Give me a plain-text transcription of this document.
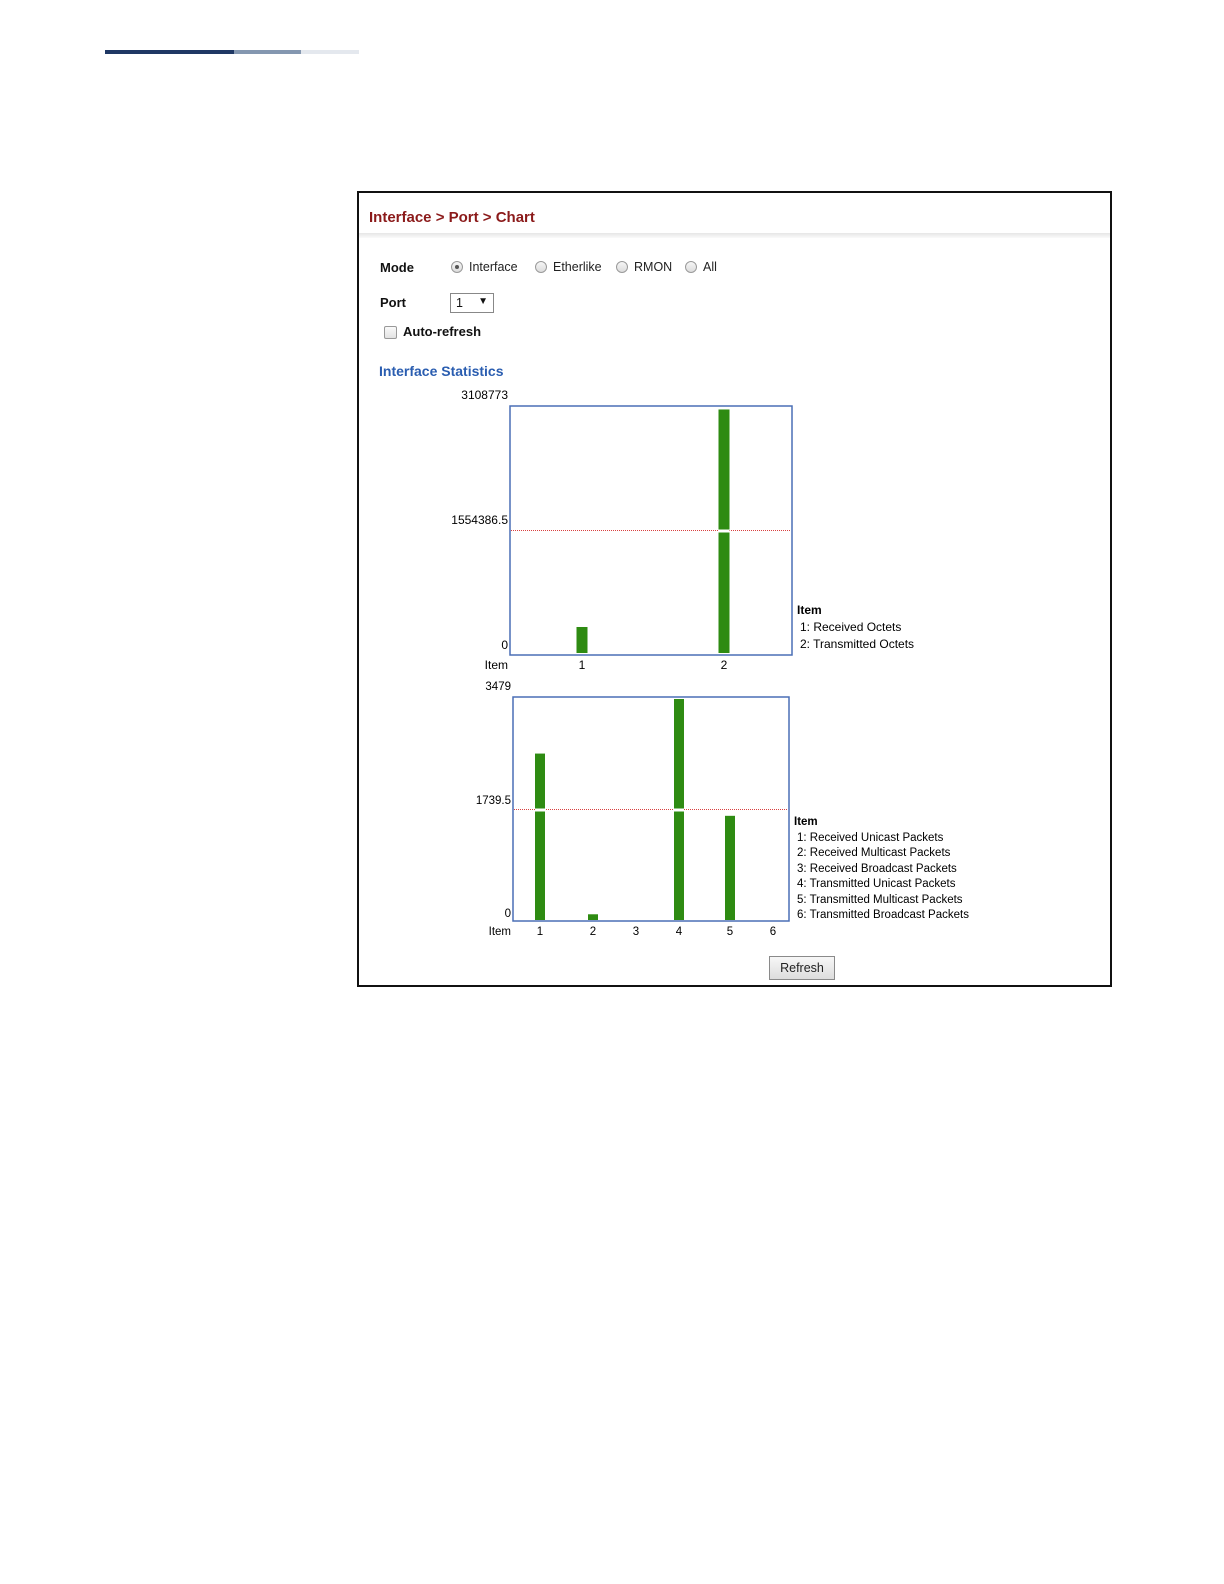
Interface > Port > Chart
Mode	Interface	Etherlike	RMON All
Port	1 ▼
Auto-refresh
Interface Statistics
3108773
1554386.5
0
Item	1	2
Item
1: Received Octets
2: Transmitted Octets
3479
1739.5
0
Item 1	2	3	4	5	6
Item
1: Received Unicast Packets
2: Received Multicast Packets
3: Received Broadcast Packets
4: Transmitted Unicast Packets
5: Transmitted Multicast Packets
6: Transmitted Broadcast Packets
Refresh
